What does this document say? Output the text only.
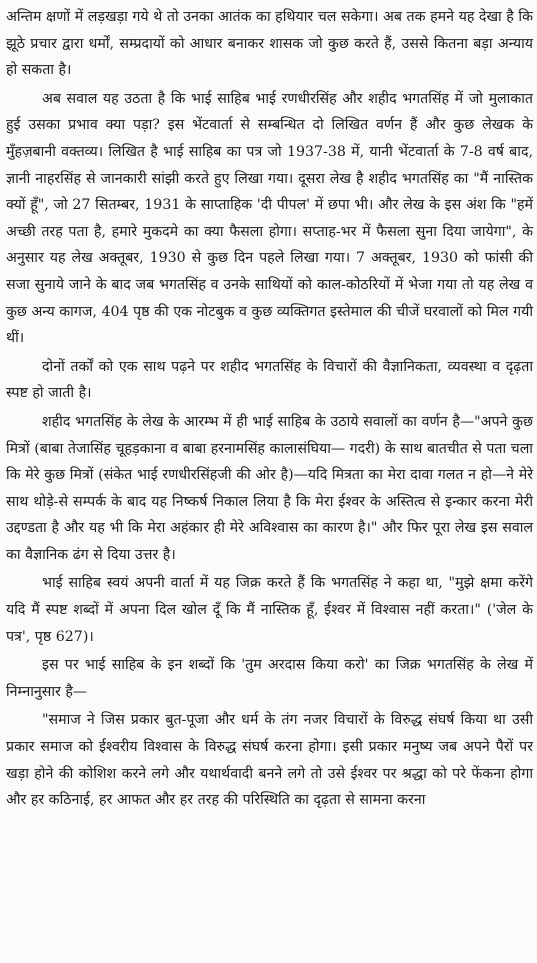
अन्तिम क्षणों में लड़खड़ा गये थे तो उनका आतंक का हथियार चल सकेगा। अब तक हमने यह देखा है कि झूठे प्रचार द्वारा धर्मों, सम्प्रदायों को आधार बनाकर शासक जो कुछ करते हैं, उससे कितना बड़ा अन्याय हो सकता है।

अब सवाल यह उठता है कि भाई साहिब भाई रणधीरसिंह और शहीद भगतसिंह में जो मुलाकात हुई उसका प्रभाव क्या पड़ा? इस भेंटवार्ता से सम्बन्धित दो लिखित वर्णन हैं और कुछ लेखक के मुँहज़बानी वक्तव्य। लिखित है भाई साहिब का पत्र जो 1937-38 में, यानी भेंटवार्ता के 7-8 वर्ष बाद, ज्ञानी नाहरसिंह से जानकारी सांझी करते हुए लिखा गया। दूसरा लेख है शहीद भगतसिंह का "मैं नास्तिक क्यों हूँ", जो 27 सितम्बर, 1931 के साप्ताहिक 'दी पीपल' में छपा भी। और लेख के इस अंश कि "हमें अच्छी तरह पता है, हमारे मुकदमे का क्या फैसला होगा। सप्ताह-भर में फैसला सुना दिया जायेगा", के अनुसार यह लेख अक्तूबर, 1930 से कुछ दिन पहले लिखा गया। 7 अक्तूबर, 1930 को फांसी की सजा सुनाये जाने के बाद जब भगतसिंह व उनके साथियों को काल-कोठरियों में भेजा गया तो यह लेख व कुछ अन्य कागज, 404 पृष्ठ की एक नोटबुक व कुछ व्यक्तिगत इस्तेमाल की चीजें घरवालों को मिल गयी थीं।

दोनों तर्कों को एक साथ पढ़ने पर शहीद भगतसिंह के विचारों की वैज्ञानिकता, व्यवस्था व दृढ़ता स्पष्ट हो जाती है।

शहीद भगतसिंह के लेख के आरम्भ में ही भाई साहिब के उठाये सवालों का वर्णन है—"अपने कुछ मित्रों (बाबा तेजासिंह चूहड़काना व बाबा हरनामसिंह कालासंघिया— गदरी) के साथ बातचीत से पता चला कि मेरे कुछ मित्रों (संकेत भाई रणधीरसिंहजी की ओर है)—यदि मित्रता का मेरा दावा गलत न हो—ने मेरे साथ थोड़े-से सम्पर्क के बाद यह निष्कर्ष निकाल लिया है कि मेरा ईश्वर के अस्तित्व से इन्कार करना मेरी उद्दण्डता है और यह भी कि मेरा अहंकार ही मेरे अविश्वास का कारण है।" और फिर पूरा लेख इस सवाल का वैज्ञानिक ढंग से दिया उत्तर है।

भाई साहिब स्वयं अपनी वार्ता में यह जिक्र करते हैं कि भगतसिंह ने कहा था, "मुझे क्षमा करेंगे यदि मैं स्पष्ट शब्दों में अपना दिल खोल दूँ कि मैं नास्तिक हूँ, ईश्वर में विश्वास नहीं करता।" ('जेल के पत्र', पृष्ठ 627)।

इस पर भाई साहिब के इन शब्दों कि 'तुम अरदास किया करो' का जिक्र भगतसिंह के लेख में निम्नानुसार है—

"समाज ने जिस प्रकार बुत-पूजा और धर्म के तंग नजर विचारों के विरुद्ध संघर्ष किया था उसी प्रकार समाज को ईश्वरीय विश्वास के विरुद्ध संघर्ष करना होगा। इसी प्रकार मनुष्य जब अपने पैरों पर खड़ा होने की कोशिश करने लगे और यथार्थवादी बनने लगे तो उसे ईश्वर पर श्रद्धा को परे फेंकना होगा और हर कठिनाई, हर आफत और हर तरह की परिस्थिति का दृढ़ता से सामना करना
